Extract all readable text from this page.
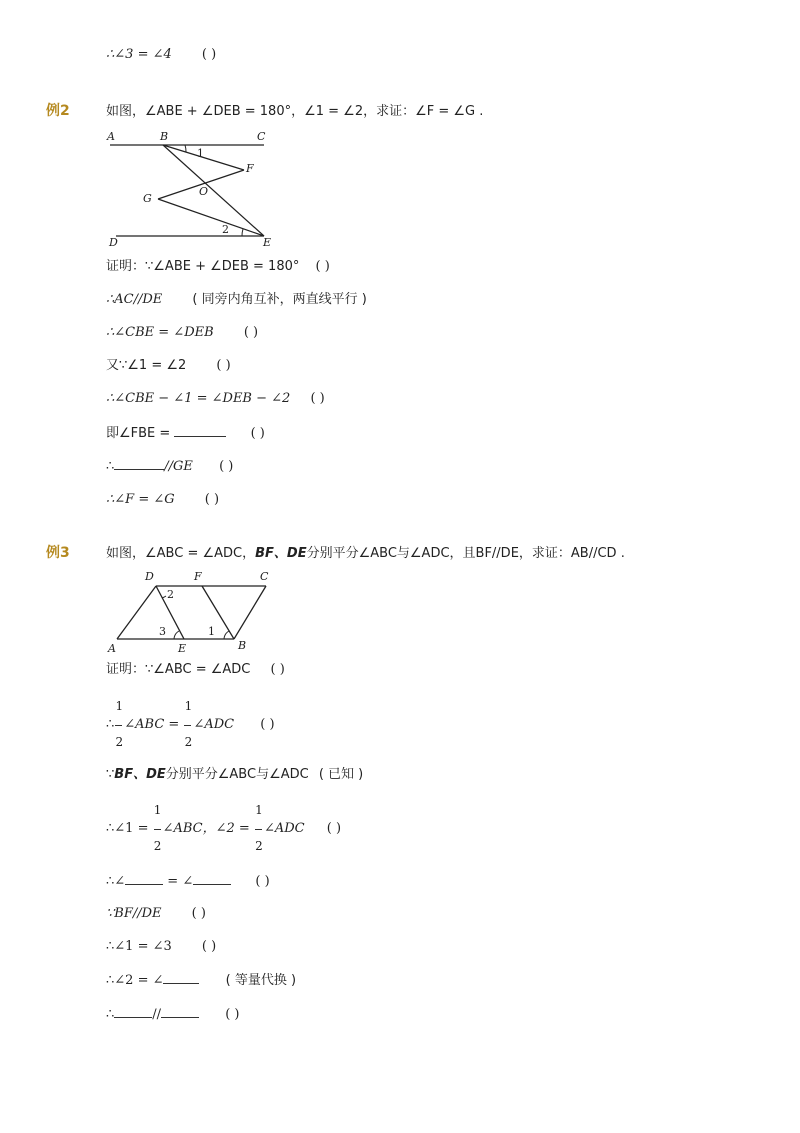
∴∠3 = ∠4 ( )
例2	如图，∠ABE + ∠DEB = 180°，∠1 = ∠2，求证：∠F = ∠G .
A	B	C
F
O
G
D	E
1
2
证明：∵∠ABE + ∠DEB = 180° ( )
∴AC//DE ( 同旁内角互补，两直线平行 )
∴∠CBE = ∠DEB ( )
又∵∠1 = ∠2 ( )
∴∠CBE − ∠1 = ∠DEB − ∠2 ( )
即∠FBE =	( )
∴	//GE ( )
∴∠F = ∠G ( )
例3	如图，∠ABC = ∠ADC，BF、DE分别平分∠ABC与∠ADC，且BF//DE，求证：AB//CD .
D	F	C
A	E	B
2
3	1
证明：∵∠ABC = ∠ADC ( )
∴
$\frac{1}{2}$
∠ABC =
$\frac{1}{2}$
∠ADC ( )
∵BF、DE分别平分∠ABC与∠ADC ( 已知 )
∴∠1 =
$\frac{1}{2}$
∠ABC，∠2 =
$\frac{1}{2}$
∠ADC ( )
∴∠	= ∠	( )
∵BF//DE ( )
∴∠1 = ∠3 ( )
∴∠2 = ∠	( 等量代换 )
∴	//	( )
